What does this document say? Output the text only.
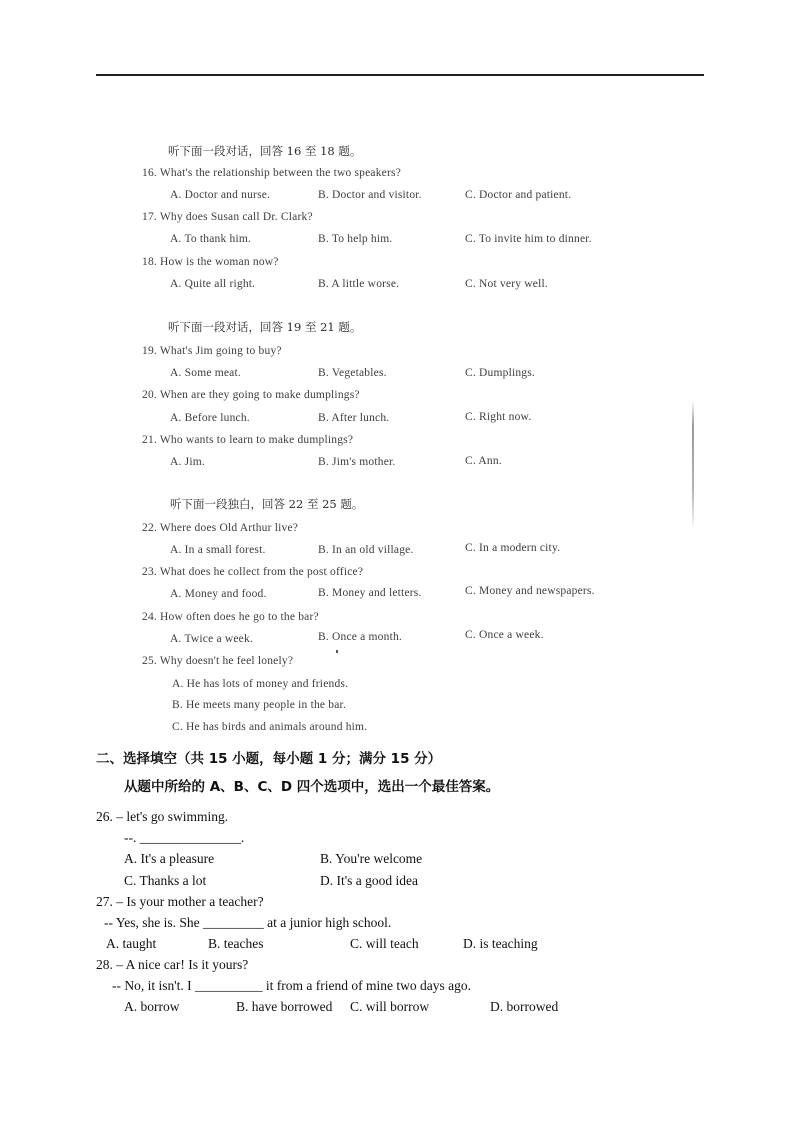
听下面一段对话，回答 16 至 18 题。
16. What's the relationship between the two speakers?
A. Doctor and nurse.	B. Doctor and visitor.	C. Doctor and patient.
17. Why does Susan call Dr. Clark?
A. To thank him.	B. To help him.	C. To invite him to dinner.
18. How is the woman now?
A. Quite all right.	B. A little worse.	C. Not very well.
听下面一段对话，回答 19 至 21 题。
19. What's Jim going to buy?
A. Some meat.	B. Vegetables.	C. Dumplings.
20. When are they going to make dumplings?
A. Before lunch.	B. After lunch.	C. Right now.
21. Who wants to learn to make dumplings?
A. Jim.	B. Jim's mother.	C. Ann.
听下面一段独白，回答 22 至 25 题。
22. Where does Old Arthur live?
A. In a small forest.	B. In an old village.	C. In a modern city.
23. What does he collect from the post office?
A. Money and food.	B. Money and letters.	C. Money and newspapers.
24. How often does he go to the bar?
A. Twice a week.	B. Once a month.	C. Once a week.
25. Why doesn't he feel lonely?
A. He has lots of money and friends.
B. He meets many people in the bar.
C. He has birds and animals around him.
二、选择填空（共 15 小题，每小题 1 分；满分 15 分）
从题中所给的 A、B、C、D 四个选项中，选出一个最佳答案。
26. – let's go swimming.
--. _______________.
A. It's a pleasure	B. You're welcome
C. Thanks a lot	D. It's a good idea
27. – Is your mother a teacher?
-- Yes, she is. She _________ at a junior high school.
A. taught	B. teaches	C. will teach	D. is teaching
28. – A nice car! Is it yours?
-- No, it isn't. I __________ it from a friend of mine two days ago.
A. borrow	B. have borrowed C. will borrow	D. borrowed
